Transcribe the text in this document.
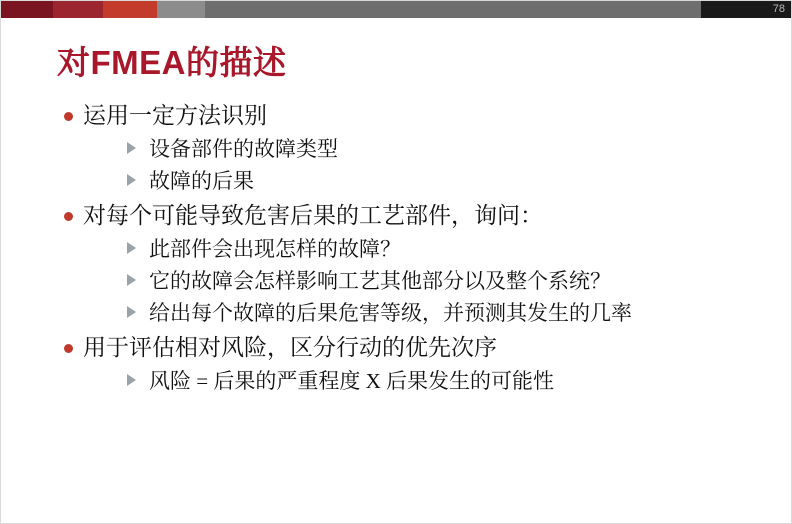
78
对FMEA的描述
运用一定方法识别
设备部件的故障类型
故障的后果
对每个可能导致危害后果的工艺部件，询问：
此部件会出现怎样的故障？
它的故障会怎样影响工艺其他部分以及整个系统？
给出每个故障的后果危害等级，并预测其发生的几率
用于评估相对风险，区分行动的优先次序
风险 = 后果的严重程度 X 后果发生的可能性
